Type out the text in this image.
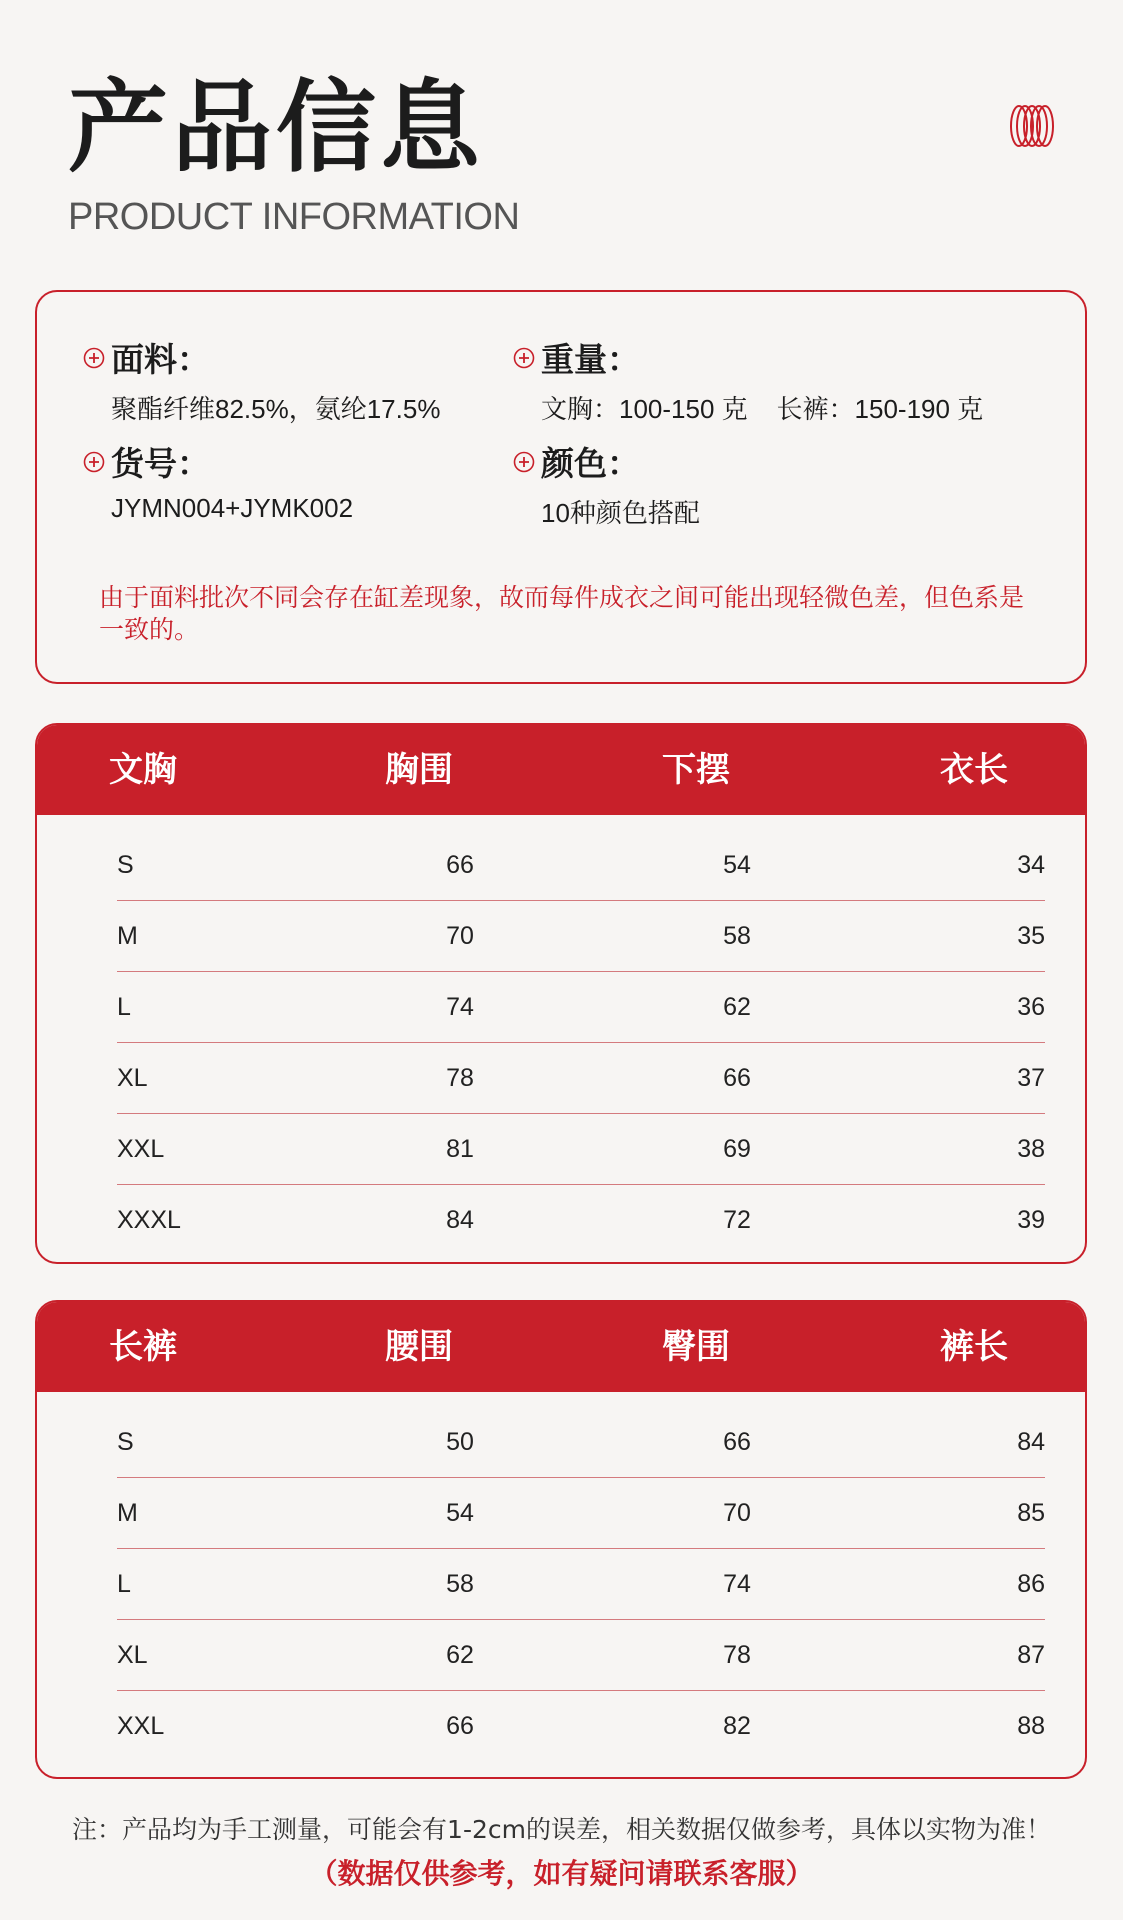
产品信息
PRODUCT INFORMATION
面料：
聚酯纤维82.5%，氨纶17.5%
重量：
文胸：100-150 克    长裤：150-190 克
货号：
JYMN004+JYMK002
颜色：
10种颜色搭配
由于面料批次不同会存在缸差现象，故而每件成衣之间可能出现轻微色差，但色系是一致的。
文胸	胸围	下摆	衣长
S	66	54	34
M	70	58	35
L	74	62	36
XL	78	66	37
XXL	81	69	38
XXXL	84	72	39
长裤	腰围	臀围	裤长
S	50	66	84
M	54	70	85
L	58	74	86
XL	62	78	87
XXL	66	82	88
注：产品均为手工测量，可能会有1-2cm的误差，相关数据仅做参考，具体以实物为准！
（数据仅供参考，如有疑问请联系客服）
